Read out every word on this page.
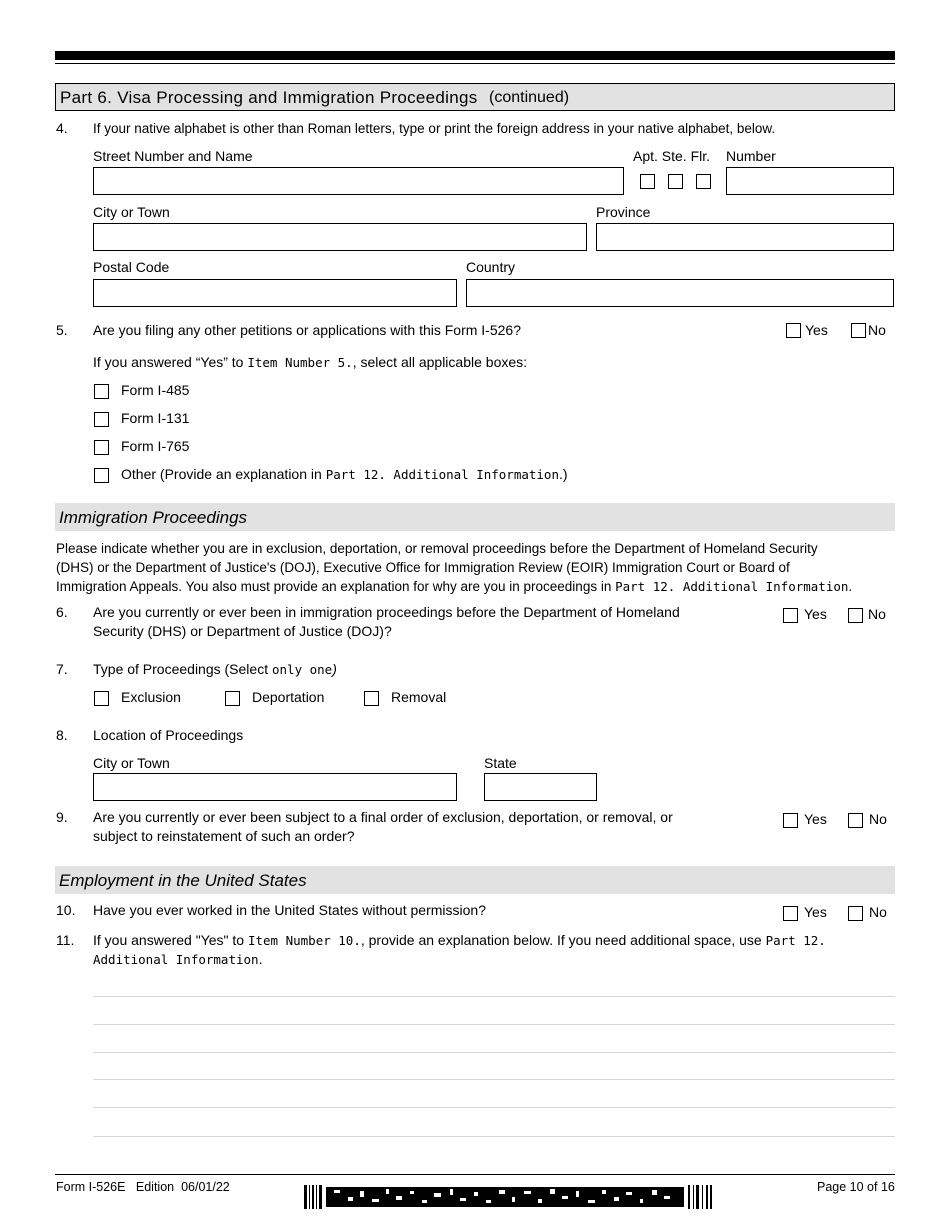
Part 6. Visa Processing and Immigration Proceedings (continued)
4. If your native alphabet is other than Roman letters, type or print the foreign address in your native alphabet, below.
Street Number and Name	Apt. Ste. Flr. Number
City or Town	Province
Postal Code	Country
5. Are you filing any other petitions or applications with this Form I-526?	Yes	No
If you answered “Yes” to Item Number 5., select all applicable boxes:
Form I-485
Form I-131
Form I-765
Other (Provide an explanation in Part 12. Additional Information.)
Immigration Proceedings
Please indicate whether you are in exclusion, deportation, or removal proceedings before the Department of Homeland Security
(DHS) or the Department of Justice's (DOJ), Executive Office for Immigration Review (EOIR) Immigration Court or Board of
Immigration Appeals. You also must provide an explanation for why are you in proceedings in Part 12. Additional Information.
6. Are you currently or ever been in immigration proceedings before the Department of Homeland
Security (DHS) or Department of Justice (DOJ)?
Yes	No
7. Type of Proceedings (Select only one)
Exclusion	Deportation	Removal
8. Location of Proceedings
City or Town	State
9. Are you currently or ever been subject to a final order of exclusion, deportation, or removal, or
subject to reinstatement of such an order?
Yes	No
Employment in the United States
10. Have you ever worked in the United States without permission?	Yes	No
11. If you answered "Yes" to Item Number 10., provide an explanation below. If you need additional space, use Part 12.
Additional Information.
Form I-526E Edition 06/01/22	Page 10 of 16
